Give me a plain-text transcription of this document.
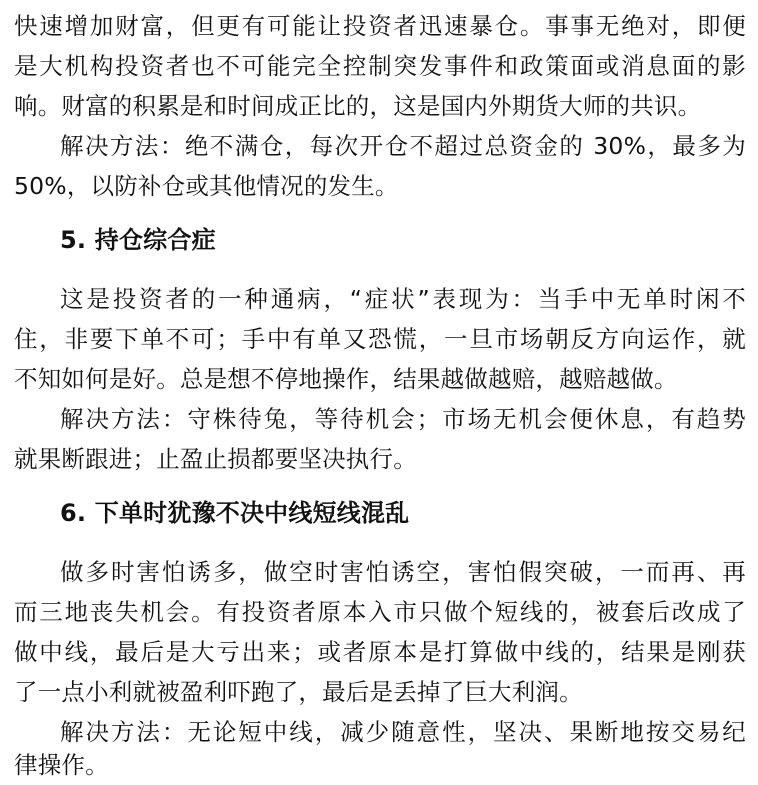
快速增加财富，但更有可能让投资者迅速暴仓。事事无绝对，即便
是大机构投资者也不可能完全控制突发事件和政策面或消息面的影
响。财富的积累是和时间成正比的，这是国内外期货大师的共识。
解决方法：绝不满仓，每次开仓不超过总资金的 30%，最多为
50%，以防补仓或其他情况的发生。
5. 持仓综合症
这是投资者的一种通病，“症状”表现为：当手中无单时闲不
住，非要下单不可；手中有单又恐慌，一旦市场朝反方向运作，就
不知如何是好。总是想不停地操作，结果越做越赔，越赔越做。
解决方法：守株待兔，等待机会；市场无机会便休息，有趋势
就果断跟进；止盈止损都要坚决执行。
6. 下单时犹豫不决中线短线混乱
做多时害怕诱多，做空时害怕诱空，害怕假突破，一而再、再
而三地丧失机会。有投资者原本入市只做个短线的，被套后改成了
做中线，最后是大亏出来；或者原本是打算做中线的，结果是刚获
了一点小利就被盈利吓跑了，最后是丢掉了巨大利润。
解决方法：无论短中线，减少随意性，坚决、果断地按交易纪
律操作。
